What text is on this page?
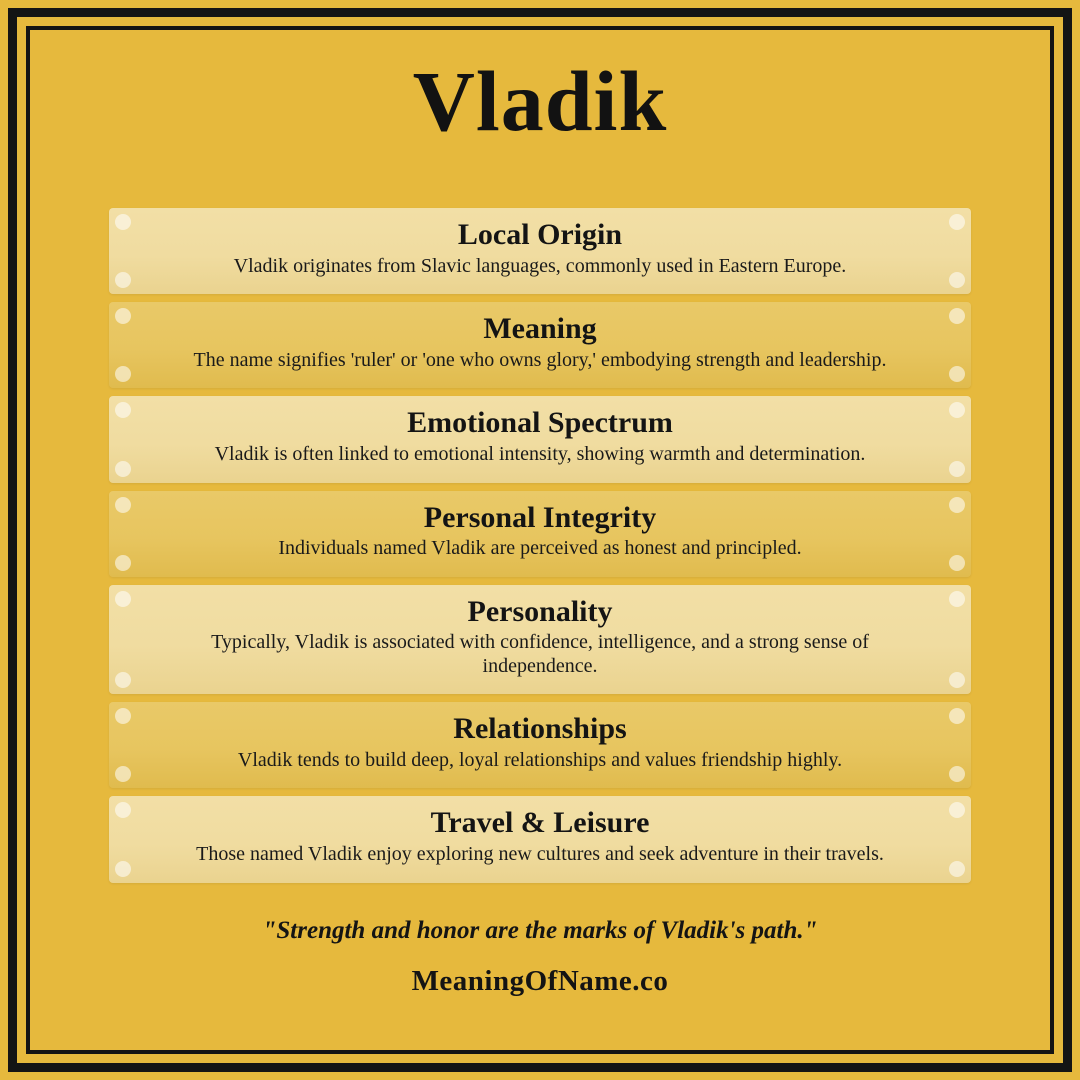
Vladik

Local Origin

Vladik originates from Slavic languages, commonly used in Eastern Europe.

Meaning

The name signifies 'ruler' or 'one who owns glory,' embodying strength and leadership.

Emotional Spectrum

Vladik is often linked to emotional intensity, showing warmth and determination.

Personal Integrity

Individuals named Vladik are perceived as honest and principled.

Personality

Typically, Vladik is associated with confidence, intelligence, and a strong sense of independence.

Relationships

Vladik tends to build deep, loyal relationships and values friendship highly.

Travel & Leisure

Those named Vladik enjoy exploring new cultures and seek adventure in their travels.

"Strength and honor are the marks of Vladik's path."
MeaningOfName.co
